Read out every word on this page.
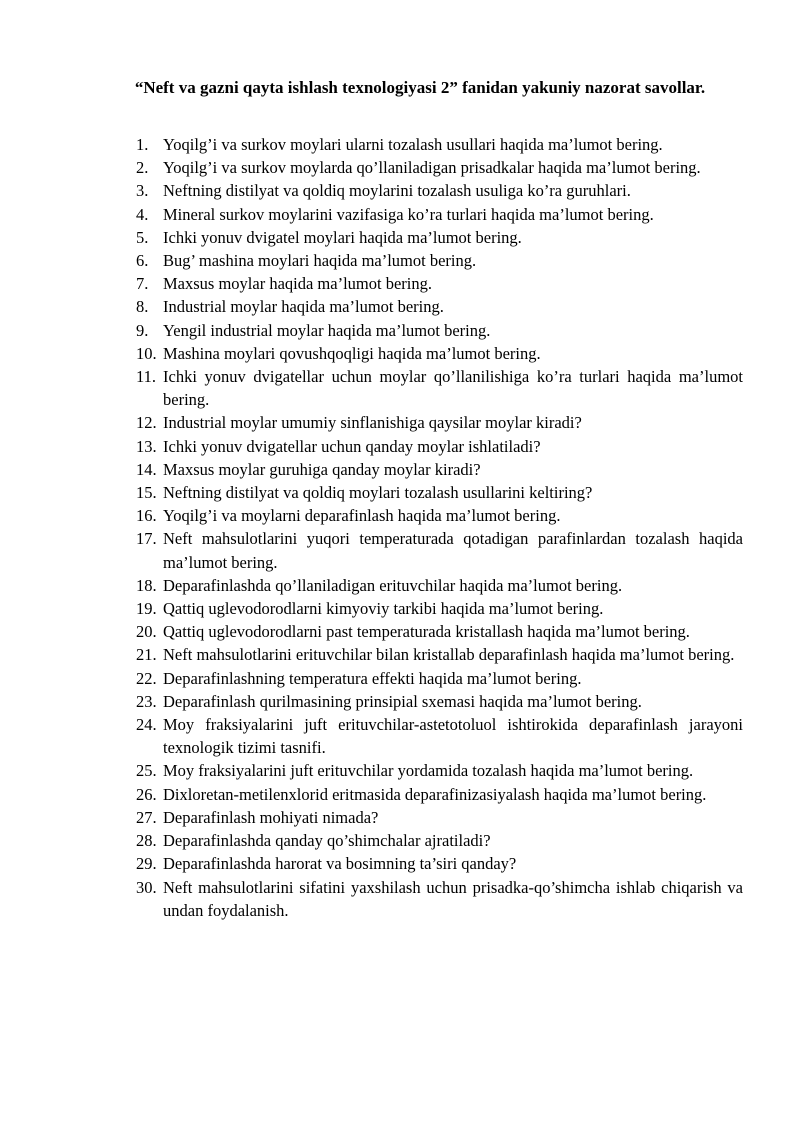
“Neft va gazni qayta ishlash texnologiyasi 2” fanidan yakuniy nazorat savollar.
1. Yoqilg’i va surkov moylari ularni tozalash usullari haqida ma’lumot bering.
2. Yoqilg’i va surkov moylarda qo’llaniladigan prisadkalar haqida ma’lumot bering.
3. Neftning distilyat va qoldiq moylarini tozalash usuliga ko’ra guruhlari.
4. Mineral surkov moylarini vazifasiga ko’ra turlari haqida ma’lumot bering.
5. Ichki yonuv dvigatel moylari haqida ma’lumot bering.
6. Bug’ mashina moylari haqida ma’lumot bering.
7. Maxsus moylar haqida ma’lumot bering.
8. Industrial moylar haqida ma’lumot bering.
9. Yengil industrial moylar haqida ma’lumot bering.
10. Mashina moylari qovushqoqligi haqida ma’lumot bering.
11. Ichki yonuv dvigatellar uchun moylar qo’llanilishiga ko’ra turlari haqida ma’lumot bering.
12. Industrial moylar umumiy sinflanishiga qaysilar moylar kiradi?
13. Ichki yonuv dvigatellar uchun qanday moylar ishlatiladi?
14. Maxsus moylar guruhiga qanday moylar kiradi?
15. Neftning distilyat va qoldiq moylari tozalash usullarini keltiring?
16. Yoqilg’i va moylarni deparafinlash haqida ma’lumot bering.
17. Neft mahsulotlarini yuqori temperaturada qotadigan parafinlardan tozalash haqida ma’lumot bering.
18. Deparafinlashda qo’llaniladigan erituvchilar haqida ma’lumot bering.
19. Qattiq uglevodorodlarni kimyoviy tarkibi haqida ma’lumot bering.
20. Qattiq uglevodorodlarni past temperaturada kristallash haqida ma’lumot bering.
21. Neft mahsulotlarini erituvchilar bilan kristallab deparafinlash haqida ma’lumot bering.
22. Deparafinlashning temperatura effekti haqida ma’lumot bering.
23. Deparafinlash qurilmasining prinsipial sxemasi haqida ma’lumot bering.
24. Moy fraksiyalarini juft erituvchilar-astetotoluol ishtirokida deparafinlash jarayoni texnologik tizimi tasnifi.
25. Moy fraksiyalarini juft erituvchilar yordamida tozalash haqida ma’lumot bering.
26. Dixloretan-metilenxlorid eritmasida deparafinizasiyalash haqida ma’lumot bering.
27. Deparafinlash mohiyati nimada?
28. Deparafinlashda qanday qo’shimchalar ajratiladi?
29. Deparafinlashda harorat va bosimning ta’siri qanday?
30. Neft mahsulotlarini sifatini yaxshilash uchun prisadka-qo’shimcha ishlab chiqarish va undan foydalanish.
